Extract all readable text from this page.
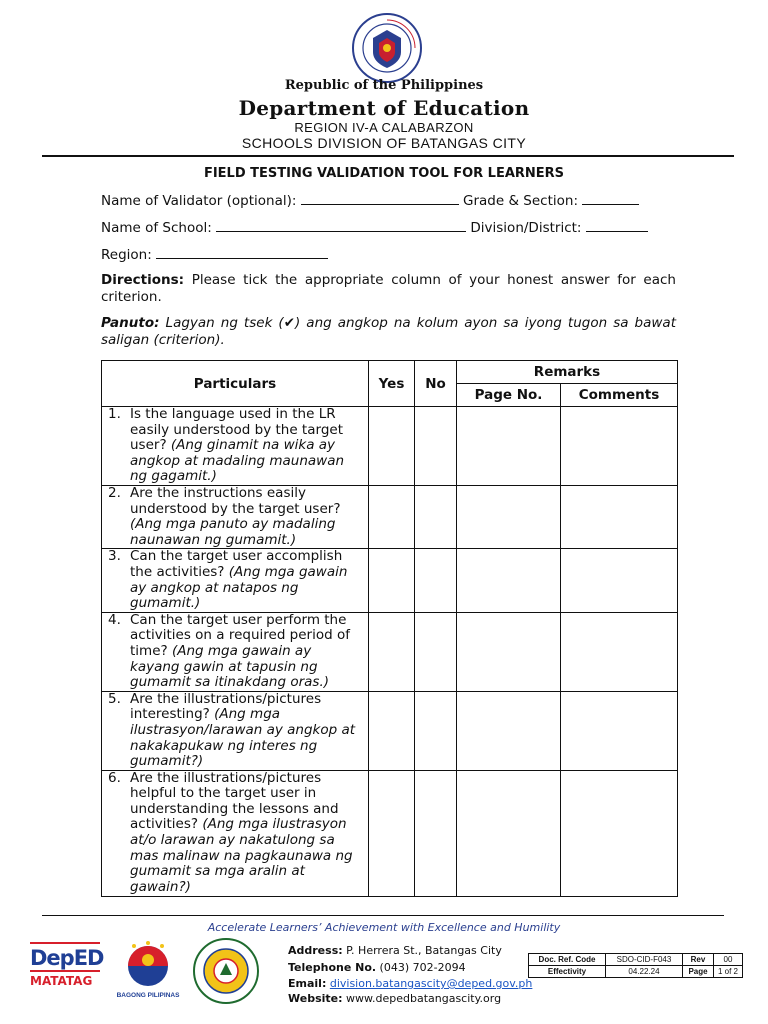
Republic of the Philippines
Department of Education
REGION IV-A CALABARZON
SCHOOLS DIVISION OF BATANGAS CITY
FIELD TESTING VALIDATION TOOL FOR LEARNERS
Name of Validator (optional):	Grade & Section:
Name of School:	Division/District:
Region:
Directions: Please tick the appropriate column of your honest answer for each criterion.
Panuto: Lagyan ng tsek (✔) ang angkop na kolum ayon sa iyong tugon sa bawat saligan (criterion).
Particulars	Yes	No	Remarks	
			Page No.	Comments

1. Is the language used in the LR easily understood by the target user? (Ang ginamit na wika ay angkop at madaling maunawan ng gagamit.)				

2. Are the instructions easily understood by the target user? (Ang mga panuto ay madaling naunawan ng gumamit.)				

3. Can the target user accomplish the activities? (Ang mga gawain ay angkop at natapos ng gumamit.)				

4. Can the target user perform the activities on a required period of time? (Ang mga gawain ay kayang gawin at tapusin ng gumamit sa itinakdang oras.)				

5. Are the illustrations/pictures interesting? (Ang mga ilustrasyon/larawan ay angkop at nakakapukaw ng interes ng gumamit?)				

6. Are the illustrations/pictures helpful to the target user in understanding the lessons and activities? (Ang mga ilustrasyon at/o larawan ay nakatulong sa mas malinaw na pagkaunawa ng gumamit sa mga aralin at gawain?)				

Accelerate Learners’ Achievement with Excellence and Humility
DepED
MATATAG
BAGONG PILIPINAS
Address: P. Herrera St., Batangas City
Telephone No. (043) 702-2094
Email: division.batangascity@deped.gov.ph
Website: www.depedbatangascity.org
Doc. Ref. Code	SDO-CID-F043	Rev	00
Effectivity	04.22.24	Page	1 of 2
